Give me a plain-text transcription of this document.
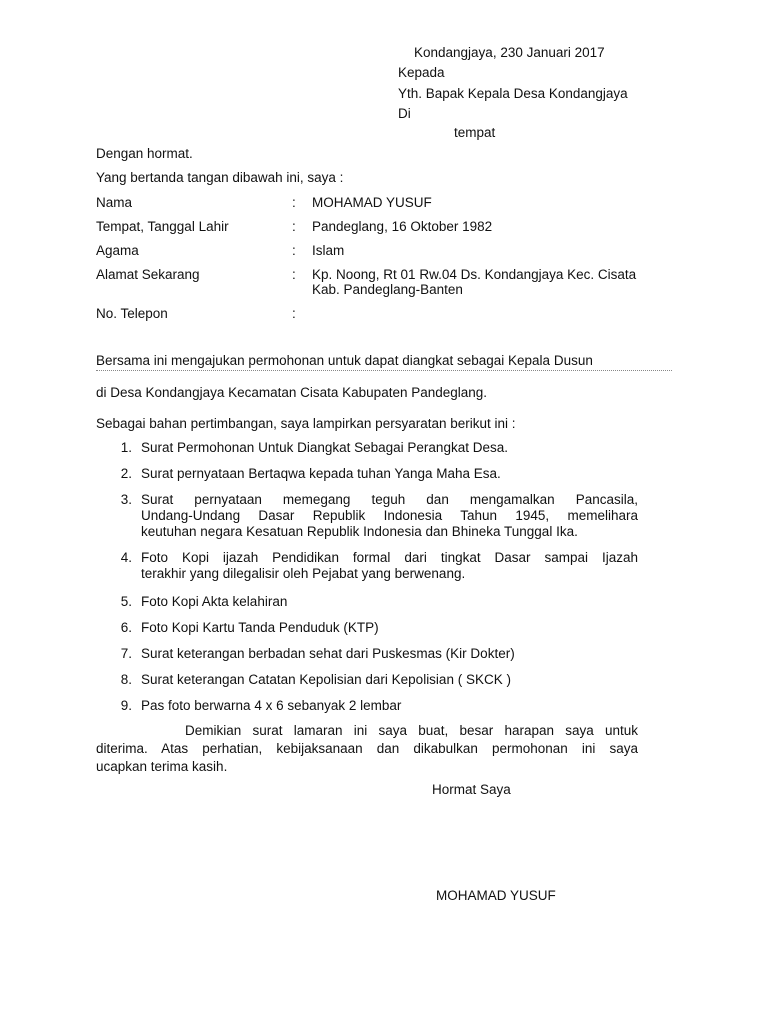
Kondangjaya, 230 Januari 2017
Kepada
Yth. Bapak Kepala Desa Kondangjaya
Di
tempat
Dengan hormat.
Yang bertanda tangan dibawah ini, saya :
Nama	: MOHAMAD YUSUF
Tempat, Tanggal Lahir	: Pandeglang, 16 Oktober 1982
Agama	: Islam
Alamat Sekarang	: Kp. Noong, Rt 01 Rw.04 Ds. Kondangjaya Kec. Cisata
Kab. Pandeglang-Banten
No. Telepon	:
Bersama ini mengajukan permohonan untuk dapat diangkat sebagai Kepala Dusun
di Desa Kondangjaya Kecamatan Cisata Kabupaten Pandeglang.
Sebagai bahan pertimbangan, saya lampirkan persyaratan berikut ini :
1. Surat Permohonan Untuk Diangkat Sebagai Perangkat Desa.
2. Surat pernyataan Bertaqwa kepada tuhan Yanga Maha Esa.
3. Surat pernyataan memegang teguh dan mengamalkan Pancasila,
Undang-Undang Dasar Republik Indonesia Tahun 1945, memelihara
keutuhan negara Kesatuan Republik Indonesia dan Bhineka Tunggal Ika.
4. Foto Kopi ijazah Pendidikan formal dari tingkat Dasar sampai Ijazah
terakhir yang dilegalisir oleh Pejabat yang berwenang.
5. Foto Kopi Akta kelahiran
6. Foto Kopi Kartu Tanda Penduduk (KTP)
7. Surat keterangan berbadan sehat dari Puskesmas (Kir Dokter)
8. Surat keterangan Catatan Kepolisian dari Kepolisian ( SKCK )
9. Pas foto berwarna 4 x 6 sebanyak 2 lembar
Demikian surat lamaran ini saya buat, besar harapan saya untuk
diterima. Atas perhatian, kebijaksanaan dan dikabulkan permohonan ini saya
ucapkan terima kasih.
Hormat Saya
MOHAMAD YUSUF
